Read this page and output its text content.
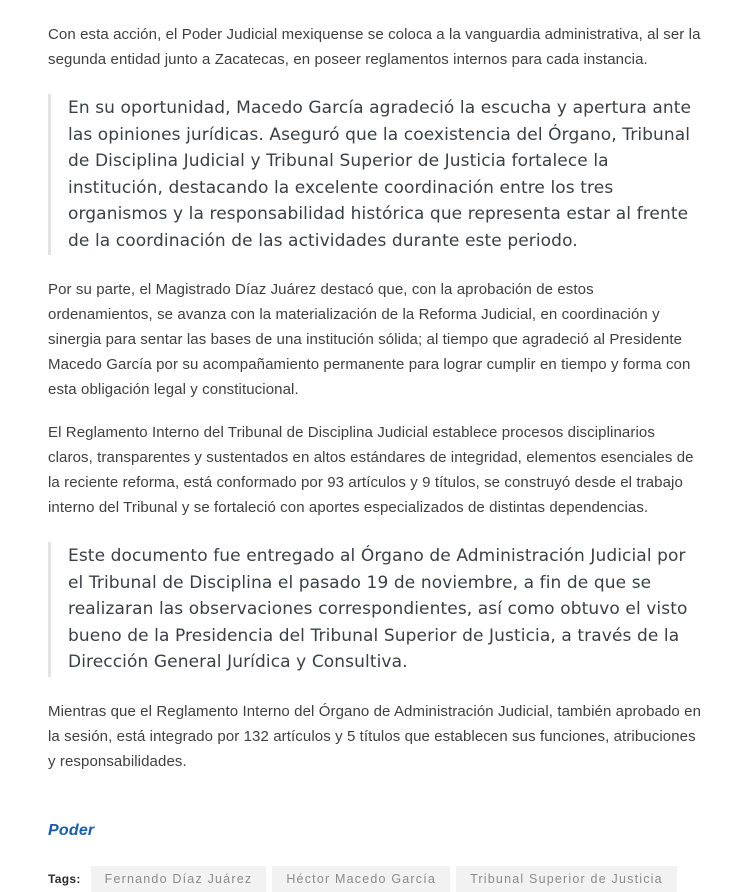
Con esta acción, el Poder Judicial mexiquense se coloca a la vanguardia administrativa, al ser la segunda entidad junto a Zacatecas, en poseer reglamentos internos para cada instancia.

En su oportunidad, Macedo García agradeció la escucha y apertura ante las opiniones jurídicas. Aseguró que la coexistencia del Órgano, Tribunal de Disciplina Judicial y Tribunal Superior de Justicia fortalece la institución, destacando la excelente coordinación entre los tres organismos y la responsabilidad histórica que representa estar al frente de la coordinación de las actividades durante este periodo.

Por su parte, el Magistrado Díaz Juárez destacó que, con la aprobación de estos ordenamientos, se avanza con la materialización de la Reforma Judicial, en coordinación y sinergia para sentar las bases de una institución sólida; al tiempo que agradeció al Presidente Macedo García por su acompañamiento permanente para lograr cumplir en tiempo y forma con esta obligación legal y constitucional.

El Reglamento Interno del Tribunal de Disciplina Judicial establece procesos disciplinarios claros, transparentes y sustentados en altos estándares de integridad, elementos esenciales de la reciente reforma, está conformado por 93 artículos y 9 títulos, se construyó desde el trabajo interno del Tribunal y se fortaleció con aportes especializados de distintas dependencias.

Este documento fue entregado al Órgano de Administración Judicial por el Tribunal de Disciplina el pasado 19 de noviembre, a fin de que se realizaran las observaciones correspondientes, así como obtuvo el visto bueno de la Presidencia del Tribunal Superior de Justicia, a través de la Dirección General Jurídica y Consultiva.

Mientras que el Reglamento Interno del Órgano de Administración Judicial, también aprobado en la sesión, está integrado por 132 artículos y 5 títulos que establecen sus funciones, atribuciones y responsabilidades.

Poder
Tags:	Fernando Díaz Juárez	Héctor Macedo García	Tribunal Superior de Justicia
